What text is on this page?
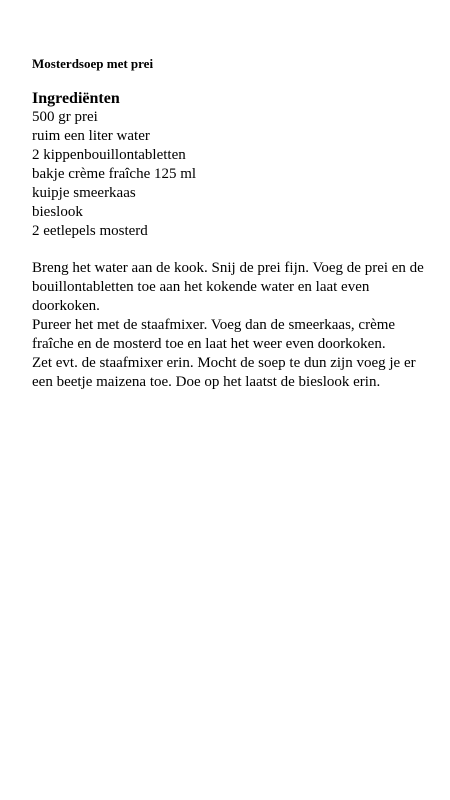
Mosterdsoep met prei
Ingrediënten
500 gr prei
ruim een liter water
2 kippenbouillontabletten
bakje crème fraîche 125 ml
kuipje smeerkaas
bieslook
2 eetlepels mosterd

Breng het water aan de kook. Snij de prei fijn. Voeg de prei en de bouillontabletten toe aan het kokende water en laat even doorkoken.

Pureer het met de staafmixer. Voeg dan de smeerkaas, crème fraîche en de mosterd toe en laat het weer even doorkoken.

Zet evt. de staafmixer erin. Mocht de soep te dun zijn voeg je er een beetje maizena toe. Doe op het laatst de bieslook erin.
